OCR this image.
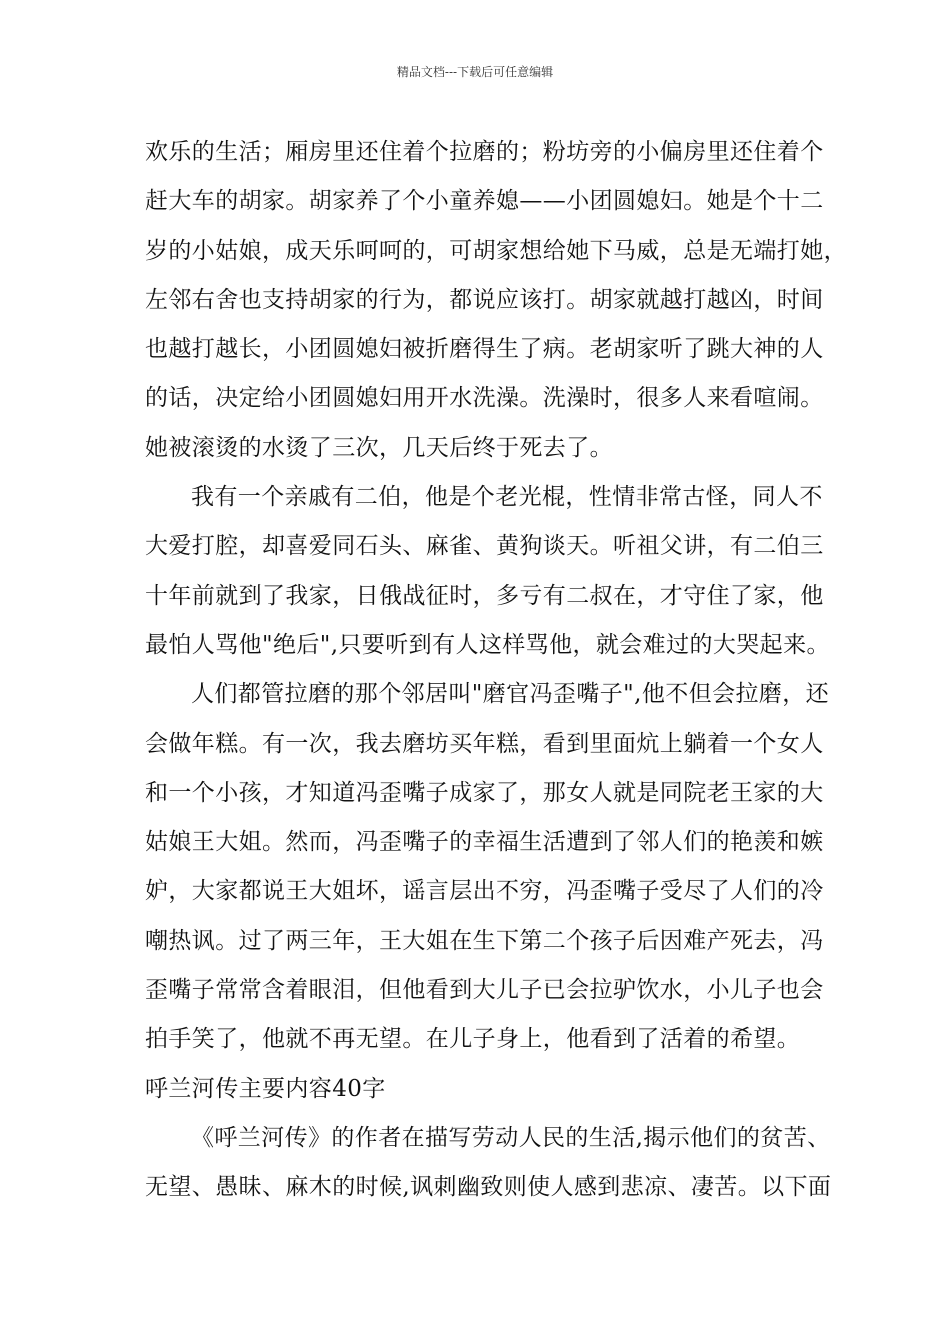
精品文档---下载后可任意编辑
欢乐的生活；厢房里还住着个拉磨的；粉坊旁的小偏房里还住着个
赶大车的胡家。胡家养了个小童养媳——小团圆媳妇。她是个十二
岁的小姑娘，成天乐呵呵的，可胡家想给她下马威，总是无端打她，
左邻右舍也支持胡家的行为，都说应该打。胡家就越打越凶，时间
也越打越长，小团圆媳妇被折磨得生了病。老胡家听了跳大神的人
的话，决定给小团圆媳妇用开水洗澡。洗澡时，很多人来看喧闹。
她被滚烫的水烫了三次，几天后终于死去了。
我有一个亲戚有二伯，他是个老光棍，性情非常古怪，同人不
大爱打腔，却喜爱同石头、麻雀、黄狗谈天。听祖父讲，有二伯三
十年前就到了我家，日俄战征时，多亏有二叔在，才守住了家，他
最怕人骂他"绝后",只要听到有人这样骂他，就会难过的大哭起来。
人们都管拉磨的那个邻居叫"磨官冯歪嘴子",他不但会拉磨，还
会做年糕。有一次，我去磨坊买年糕，看到里面炕上躺着一个女人
和一个小孩，才知道冯歪嘴子成家了，那女人就是同院老王家的大
姑娘王大姐。然而，冯歪嘴子的幸福生活遭到了邻人们的艳羡和嫉
妒，大家都说王大姐坏，谣言层出不穷，冯歪嘴子受尽了人们的冷
嘲热讽。过了两三年，王大姐在生下第二个孩子后因难产死去，冯
歪嘴子常常含着眼泪，但他看到大儿子已会拉驴饮水，小儿子也会
拍手笑了，他就不再无望。在儿子身上，他看到了活着的希望。
呼兰河传主要内容40字
《呼兰河传》的作者在描写劳动人民的生活,揭示他们的贫苦、
无望、愚昧、麻木的时候,讽刺幽致则使人感到悲凉、凄苦。以下面
